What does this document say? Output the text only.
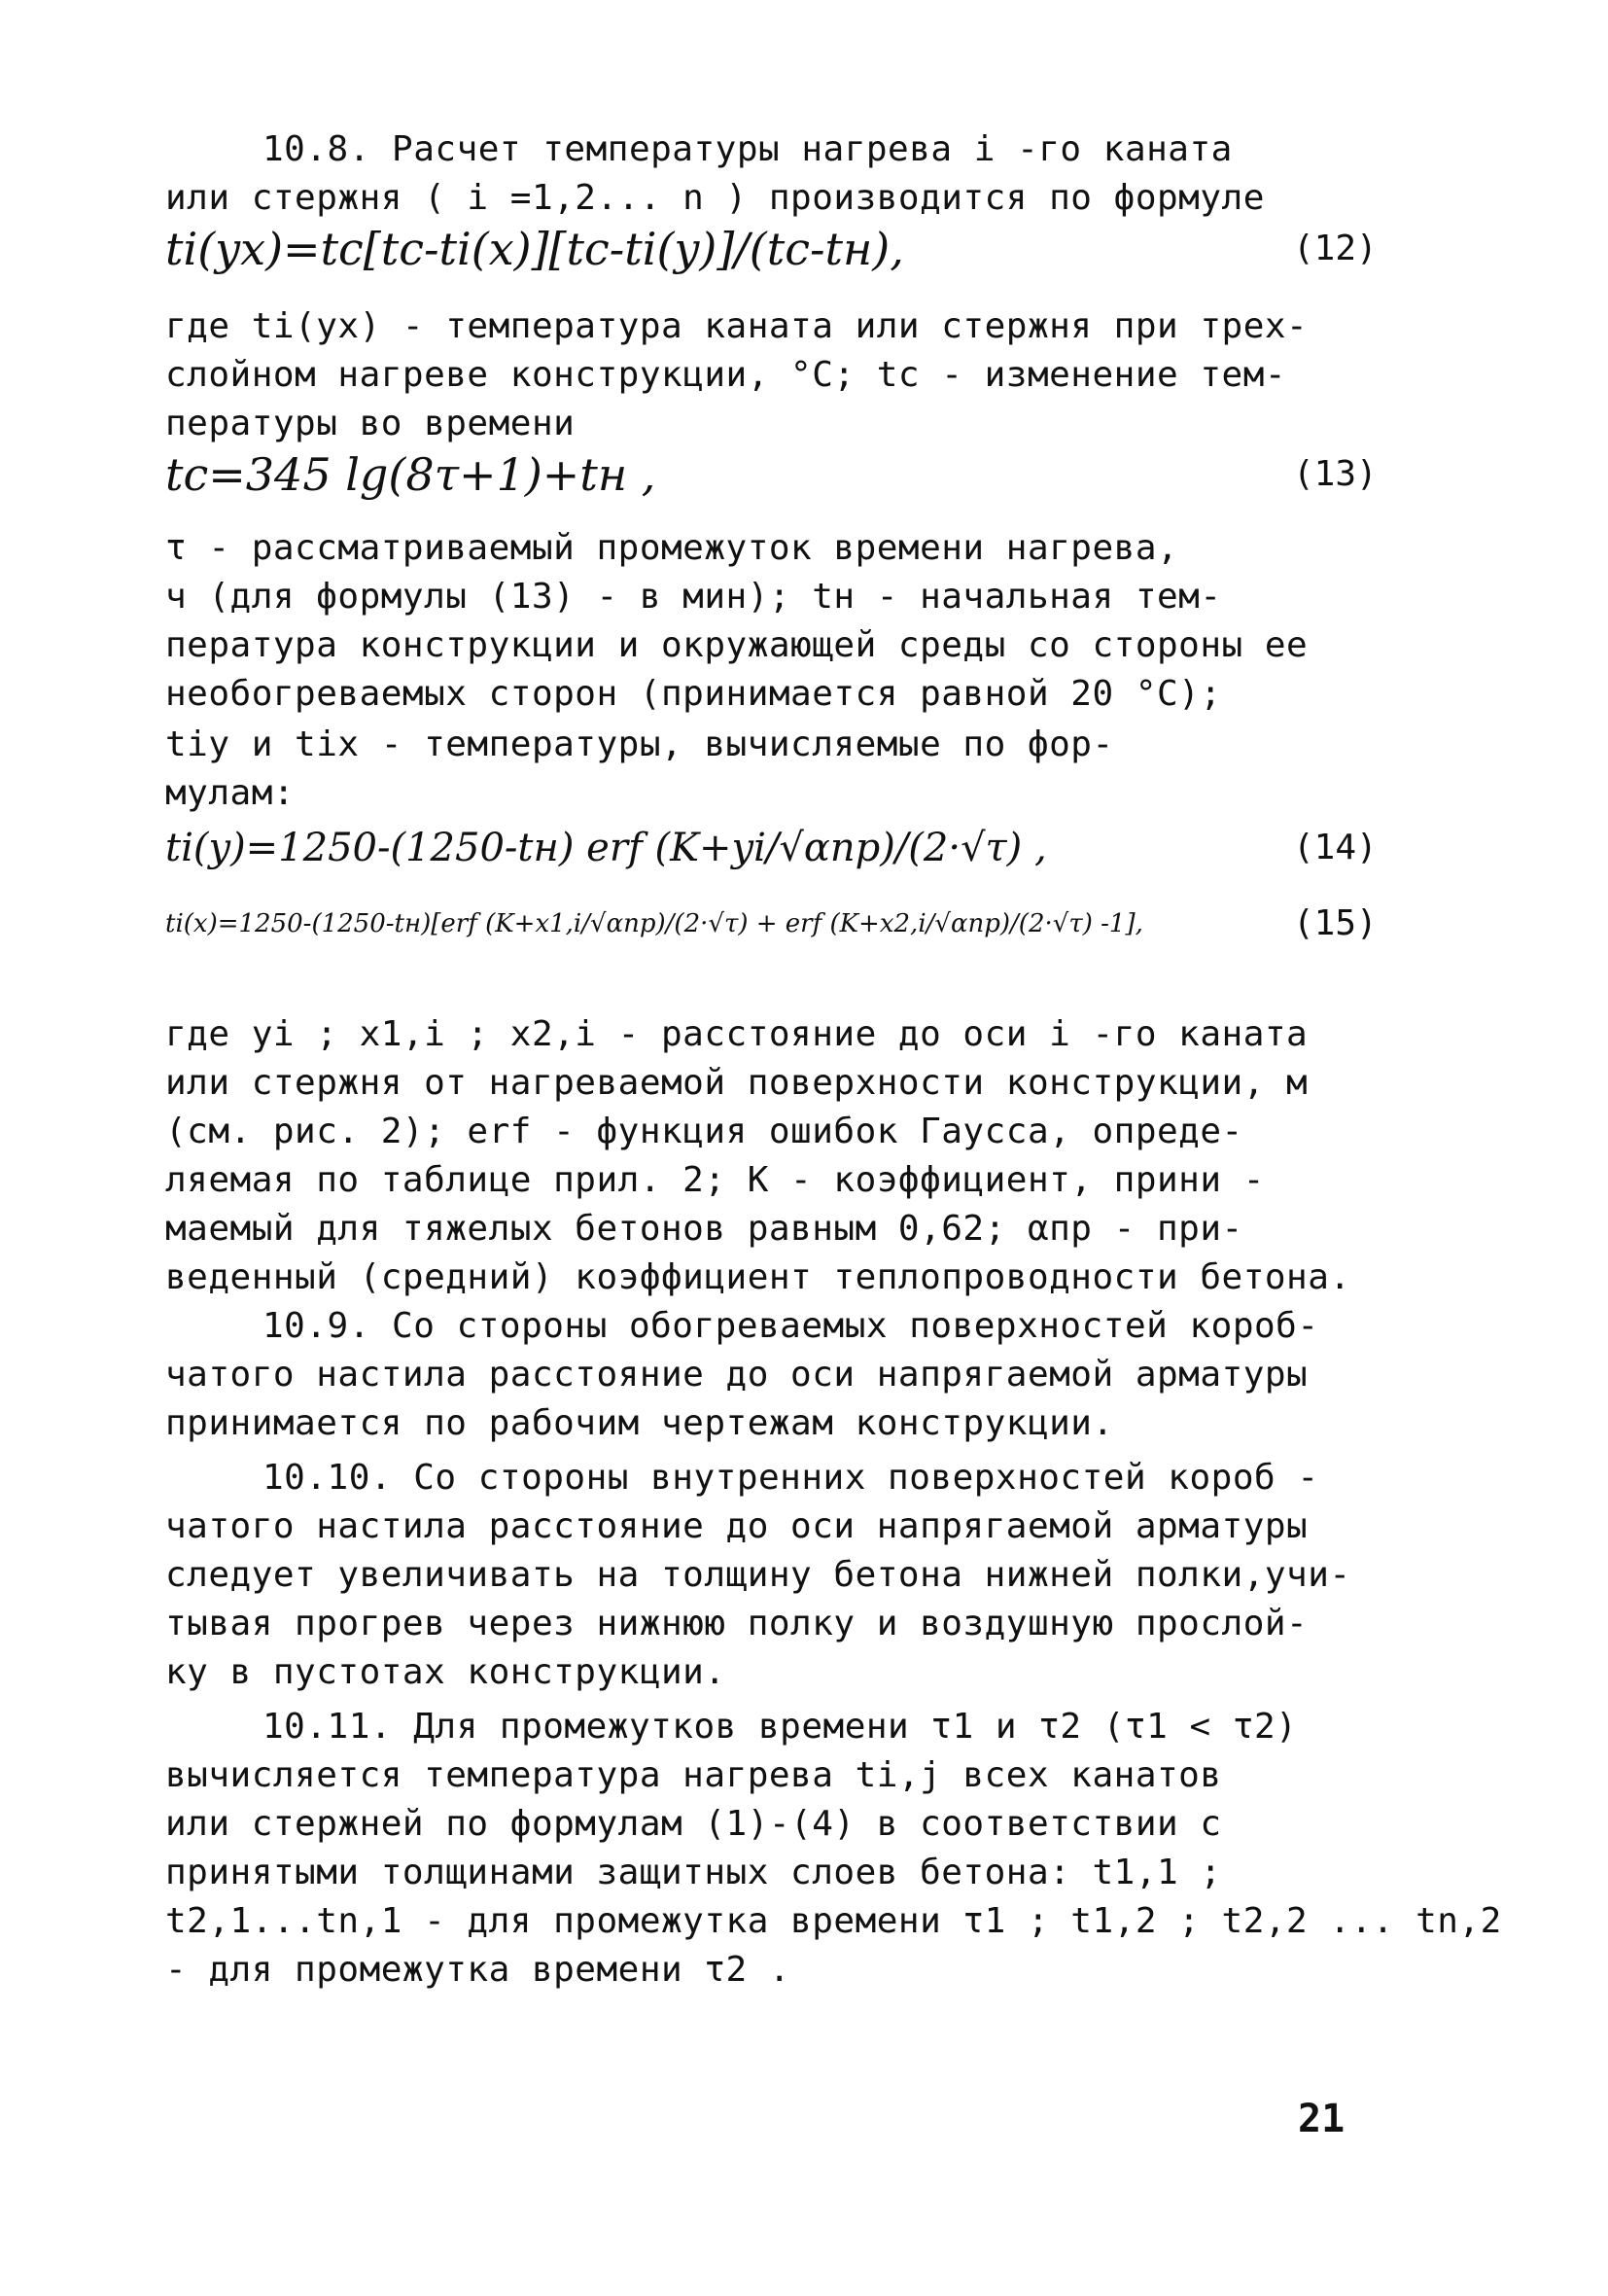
10.8. Расчет температуры нагрева i -го каната
или стержня ( i =1,2... n ) производится по формуле
ti(yx)=tc[tc-ti(x)][tc-ti(y)]/(tc-tн),	(12)
где ti(yx) - температура каната или стержня при трех-
слойном нагреве конструкции, °С; tc - изменение тем-
пературы во времени
tc=345 lg(8τ+1)+tн ,	(13)
τ - рассматриваемый промежуток времени нагрева,
ч (для формулы (13) - в мин); tн - начальная тем-
пература конструкции и окружающей среды со стороны ее
необогреваемых сторон (принимается равной 20 °С);
tiy и tix - температуры, вычисляемые по фор-
мулам:
ti(y)=1250-(1250-tн) erf (K+yi/√αпр)/(2·√τ) ,	(14)
ti(x)=1250-(1250-tн)[erf (K+x1,i/√αпр)/(2·√τ) + erf (K+x2,i/√αпр)/(2·√τ) -1],	(15)
где yi ; x1,i ; x2,i - расстояние до оси i -го каната
или стержня от нагреваемой поверхности конструкции, м
(см. рис. 2); erf - функция ошибок Гаусса, опреде-
ляемая по таблице прил. 2; K - коэффициент, прини -
маемый для тяжелых бетонов равным 0,62; αпр - при-
веденный (средний) коэффициент теплопроводности бетона.
10.9. Со стороны обогреваемых поверхностей короб-
чатого настила расстояние до оси напрягаемой арматуры
принимается по рабочим чертежам конструкции.
10.10. Со стороны внутренних поверхностей короб -
чатого настила расстояние до оси напрягаемой арматуры
следует увеличивать на толщину бетона нижней полки,учи-
тывая прогрев через нижнюю полку и воздушную прослой-
ку в пустотах конструкции.
10.11. Для промежутков времени τ1 и τ2 (τ1 < τ2)
вычисляется температура нагрева ti,j всех канатов
или стержней по формулам (1)-(4) в соответствии с
принятыми толщинами защитных слоев бетона: t1,1 ;
t2,1...tn,1 - для промежутка времени τ1 ; t1,2 ; t2,2 ... tn,2
- для промежутка времени τ2 .
21
